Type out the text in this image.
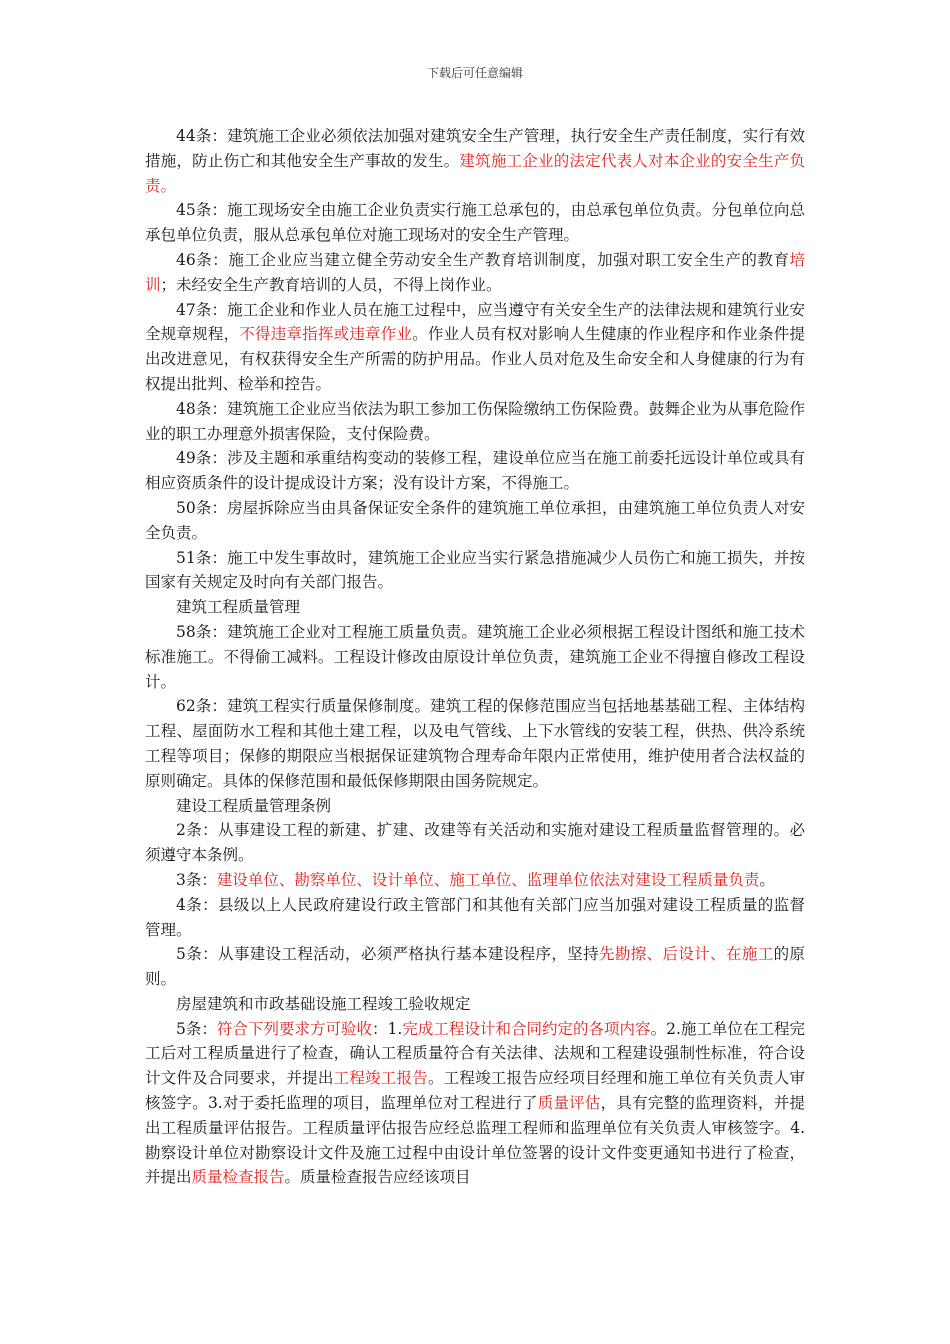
下载后可任意编辑

44条：建筑施工企业必须依法加强对建筑安全生产管理，执行安全生产责任制度，实行有效措施，防止伤亡和其他安全生产事故的发生。建筑施工企业的法定代表人对本企业的安全生产负责。

45条：施工现场安全由施工企业负责实行施工总承包的，由总承包单位负责。分包单位向总承包单位负责，服从总承包单位对施工现场对的安全生产管理。

46条：施工企业应当建立健全劳动安全生产教育培训制度，加强对职工安全生产的教育培训；未经安全生产教育培训的人员，不得上岗作业。

47条：施工企业和作业人员在施工过程中，应当遵守有关安全生产的法律法规和建筑行业安全规章规程，不得违章指挥或违章作业。作业人员有权对影响人生健康的作业程序和作业条件提出改进意见，有权获得安全生产所需的防护用品。作业人员对危及生命安全和人身健康的行为有权提出批判、检举和控告。

48条：建筑施工企业应当依法为职工参加工伤保险缴纳工伤保险费。鼓舞企业为从事危险作业的职工办理意外损害保险，支付保险费。

49条：涉及主题和承重结构变动的装修工程，建设单位应当在施工前委托远设计单位或具有相应资质条件的设计提成设计方案；没有设计方案，不得施工。

50条：房屋拆除应当由具备保证安全条件的建筑施工单位承担，由建筑施工单位负责人对安全负责。

51条：施工中发生事故时，建筑施工企业应当实行紧急措施减少人员伤亡和施工损失，并按国家有关规定及时向有关部门报告。

建筑工程质量管理

58条：建筑施工企业对工程施工质量负责。建筑施工企业必须根据工程设计图纸和施工技术标准施工。不得偷工减料。工程设计修改由原设计单位负责，建筑施工企业不得擅自修改工程设计。

62条：建筑工程实行质量保修制度。建筑工程的保修范围应当包括地基基础工程、主体结构工程、屋面防水工程和其他土建工程，以及电气管线、上下水管线的安装工程，供热、供冷系统工程等项目；保修的期限应当根据保证建筑物合理寿命年限内正常使用，维护使用者合法权益的原则确定。具体的保修范围和最低保修期限由国务院规定。

建设工程质量管理条例

2条：从事建设工程的新建、扩建、改建等有关活动和实施对建设工程质量监督管理的。必须遵守本条例。

3条：建设单位、勘察单位、设计单位、施工单位、监理单位依法对建设工程质量负责。

4条：县级以上人民政府建设行政主管部门和其他有关部门应当加强对建设工程质量的监督管理。

5条：从事建设工程活动，必须严格执行基本建设程序，坚持先勘擦、后设计、在施工的原则。

房屋建筑和市政基础设施工程竣工验收规定

5条：符合下列要求方可验收：1.完成工程设计和合同约定的各项内容。2.施工单位在工程完工后对工程质量进行了检查，确认工程质量符合有关法律、法规和工程建设强制性标准，符合设计文件及合同要求，并提出工程竣工报告。工程竣工报告应经项目经理和施工单位有关负责人审核签字。3.对于委托监理的项目，监理单位对工程进行了质量评估，具有完整的监理资料，并提出工程质量评估报告。工程质量评估报告应经总监理工程师和监理单位有关负责人审核签字。4.勘察设计单位对勘察设计文件及施工过程中由设计单位签署的设计文件变更通知书进行了检查，并提出质量检查报告。质量检查报告应经该项目
